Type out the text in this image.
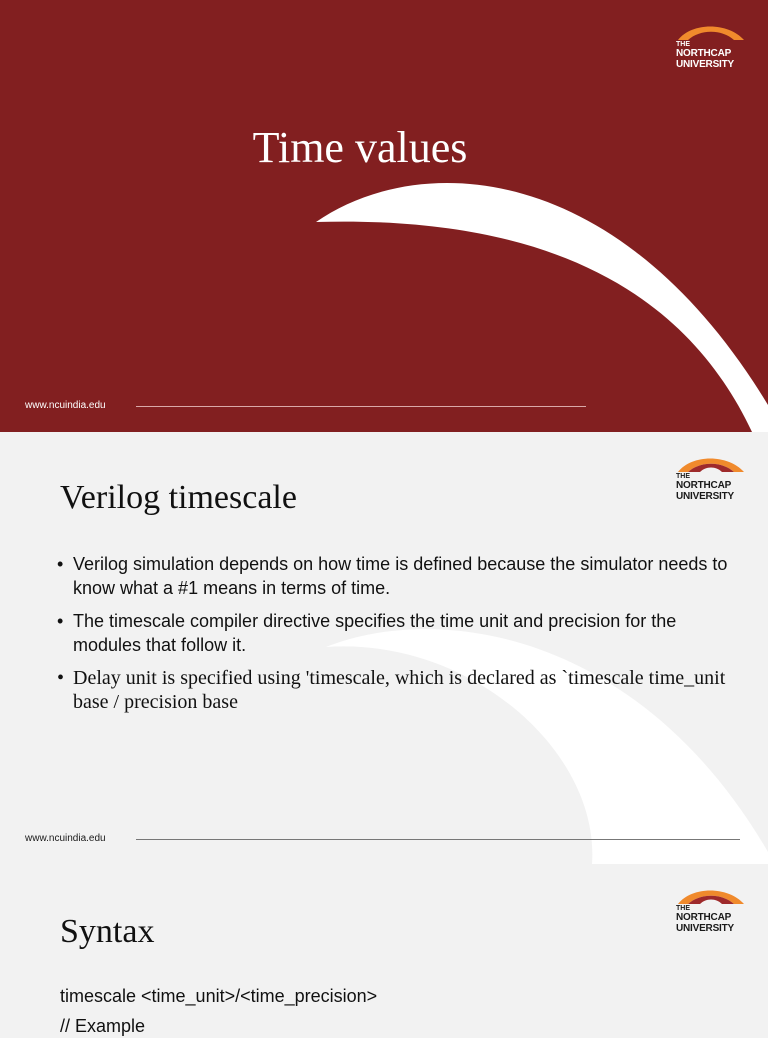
THE
NORTHCAP
UNIVERSITY
Time values
www.ncuindia.edu
THE
NORTHCAP
UNIVERSITY
Verilog timescale
• Verilog simulation depends on how time is defined because the simulator needs to know what a #1 means in terms of time.
• The timescale compiler directive specifies the time unit and precision for the modules that follow it.
• Delay unit is specified using 'timescale, which is declared as `timescale time_unit base / precision base
www.ncuindia.edu
THE
NORTHCAP
UNIVERSITY
Syntax
timescale <time_unit>/<time_precision>
// Example
